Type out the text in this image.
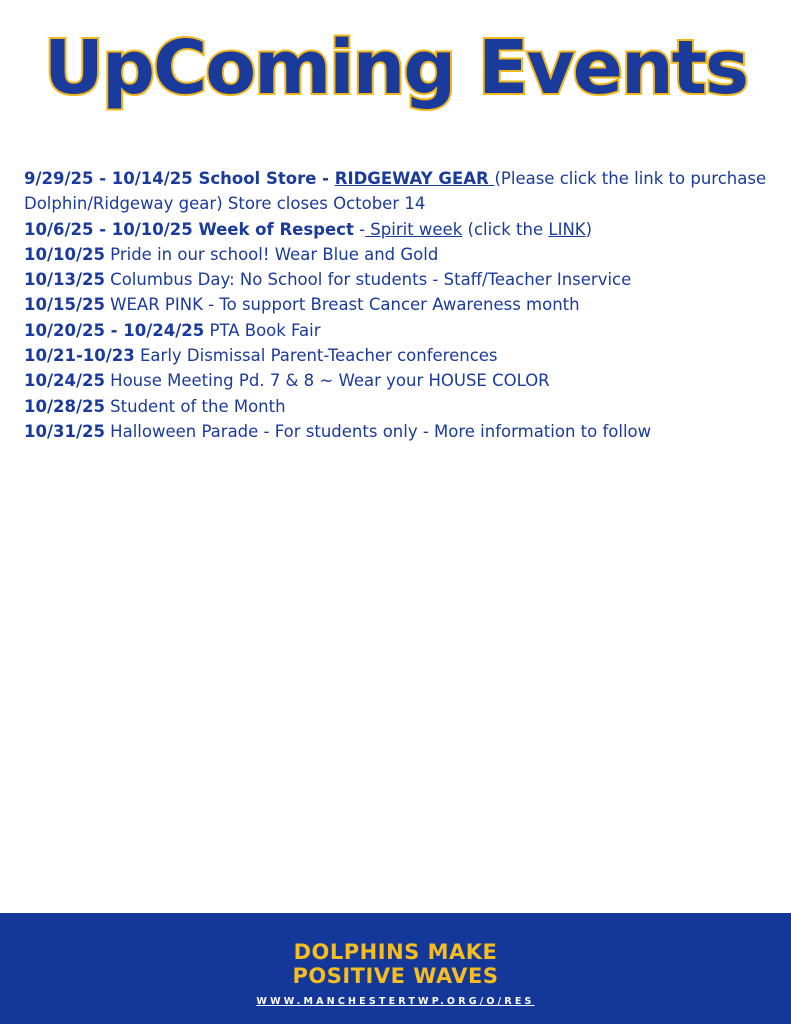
UpComing Events

9/29/25 - 10/14/25 School Store - RIDGEWAY GEAR (Please click the link to purchase Dolphin/Ridgeway gear) Store closes October 14

10/6/25 - 10/10/25 Week of Respect - Spirit week (click the LINK)

10/10/25 Pride in our school! Wear Blue and Gold

10/13/25 Columbus Day: No School for students - Staff/Teacher Inservice

10/15/25 WEAR PINK - To support Breast Cancer Awareness month

10/20/25 - 10/24/25 PTA Book Fair

10/21-10/23 Early Dismissal Parent-Teacher conferences

10/24/25 House Meeting Pd. 7 & 8 ~ Wear your HOUSE COLOR

10/28/25 Student of the Month

10/31/25 Halloween Parade - For students only - More information to follow

DOLPHINS MAKE
POSITIVE WAVES
WWW.MANCHESTERTWP.ORG/O/RES
